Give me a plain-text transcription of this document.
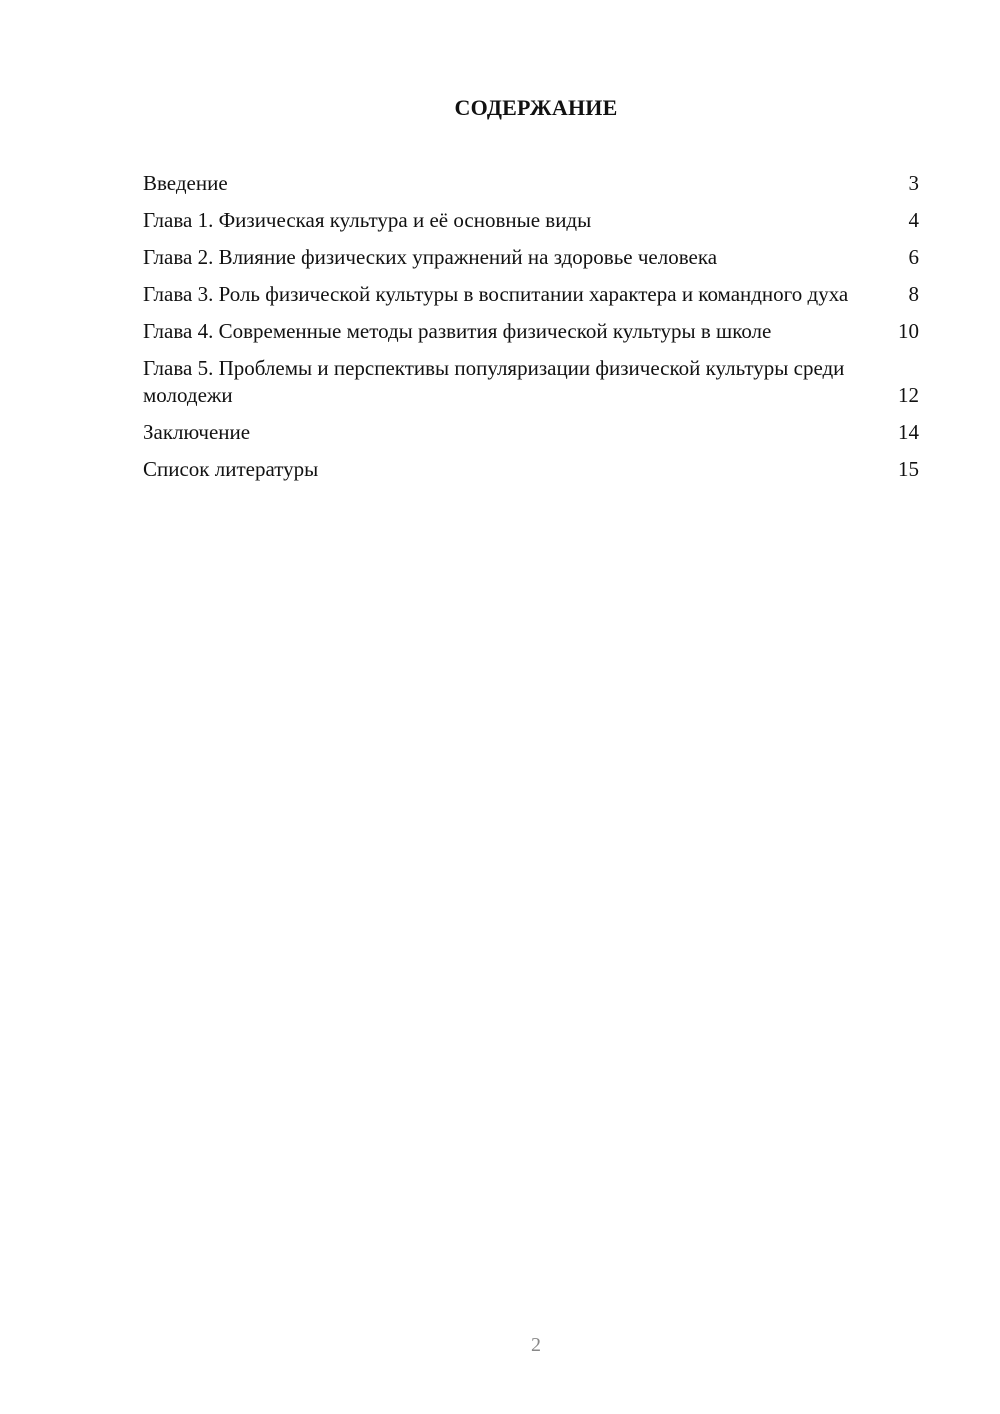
СОДЕРЖАНИЕ
Введение	3
Глава 1. Физическая культура и её основные виды	4
Глава 2. Влияние физических упражнений на здоровье человека	6
Глава 3. Роль физической культуры в воспитании характера и командного духа	8
Глава 4. Современные методы развития физической культуры в школе	10
Глава 5. Проблемы и перспективы популяризации физической культуры среди молодежи	12
Заключение	14
Список литературы	15
2
